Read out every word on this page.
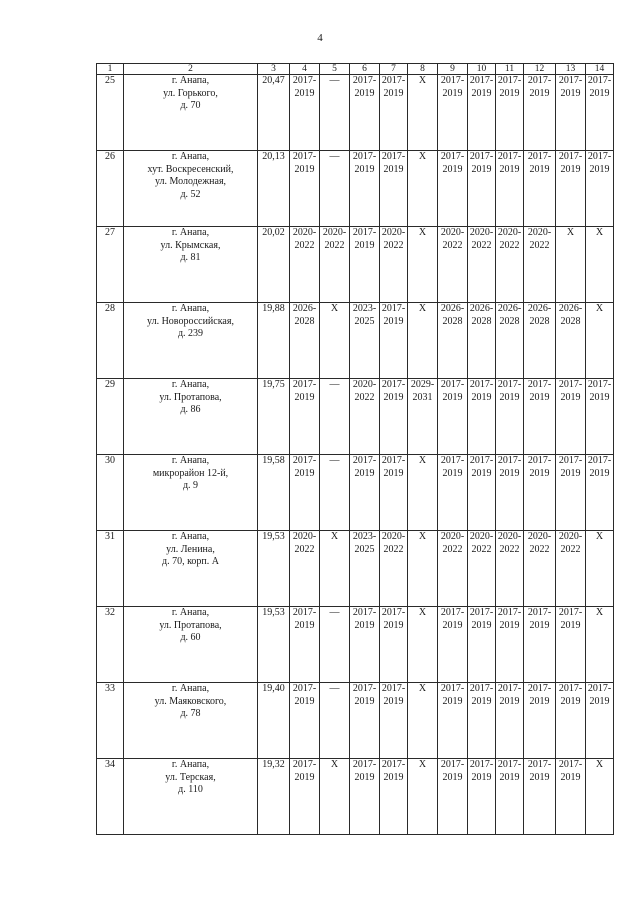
4
1	2	3	4	5	6	7	8	9	10	11	12	13	14
25	г. Анапа,
ул. Горького,
д. 70	20,47	2017-2019	—	2017-2019	2017-2019	X	2017-2019	2017-2019	2017-2019	2017-2019	2017-2019	2017-2019
26	г. Анапа,
хут. Воскресенский,
ул. Молодежная,
д. 52	20,13	2017-2019	—	2017-2019	2017-2019	X	2017-2019	2017-2019	2017-2019	2017-2019	2017-2019	2017-2019
27	г. Анапа,
ул. Крымская,
д. 81	20,02	2020-2022	2020-2022	2017-2019	2020-2022	X	2020-2022	2020-2022	2020-2022	2020-2022	X	X
28	г. Анапа,
ул. Новороссийская,
д. 239	19,88	2026-2028	X	2023-2025	2017-2019	X	2026-2028	2026-2028	2026-2028	2026-2028	2026-2028	X
29	г. Анапа,
ул. Протапова,
д. 86	19,75	2017-2019	—	2020-2022	2017-2019	2029-2031	2017-2019	2017-2019	2017-2019	2017-2019	2017-2019	2017-2019
30	г. Анапа,
микрорайон 12-й,
д. 9	19,58	2017-2019	—	2017-2019	2017-2019	X	2017-2019	2017-2019	2017-2019	2017-2019	2017-2019	2017-2019
31	г. Анапа,
ул. Ленина,
д. 70, корп. А	19,53	2020-2022	X	2023-2025	2020-2022	X	2020-2022	2020-2022	2020-2022	2020-2022	2020-2022	X
32	г. Анапа,
ул. Протапова,
д. 60	19,53	2017-2019	—	2017-2019	2017-2019	X	2017-2019	2017-2019	2017-2019	2017-2019	2017-2019	X
33	г. Анапа,
ул. Маяковского,
д. 78	19,40	2017-2019	—	2017-2019	2017-2019	X	2017-2019	2017-2019	2017-2019	2017-2019	2017-2019	2017-2019
34	г. Анапа,
ул. Терская,
д. 110	19,32	2017-2019	X	2017-2019	2017-2019	X	2017-2019	2017-2019	2017-2019	2017-2019	2017-2019	X
